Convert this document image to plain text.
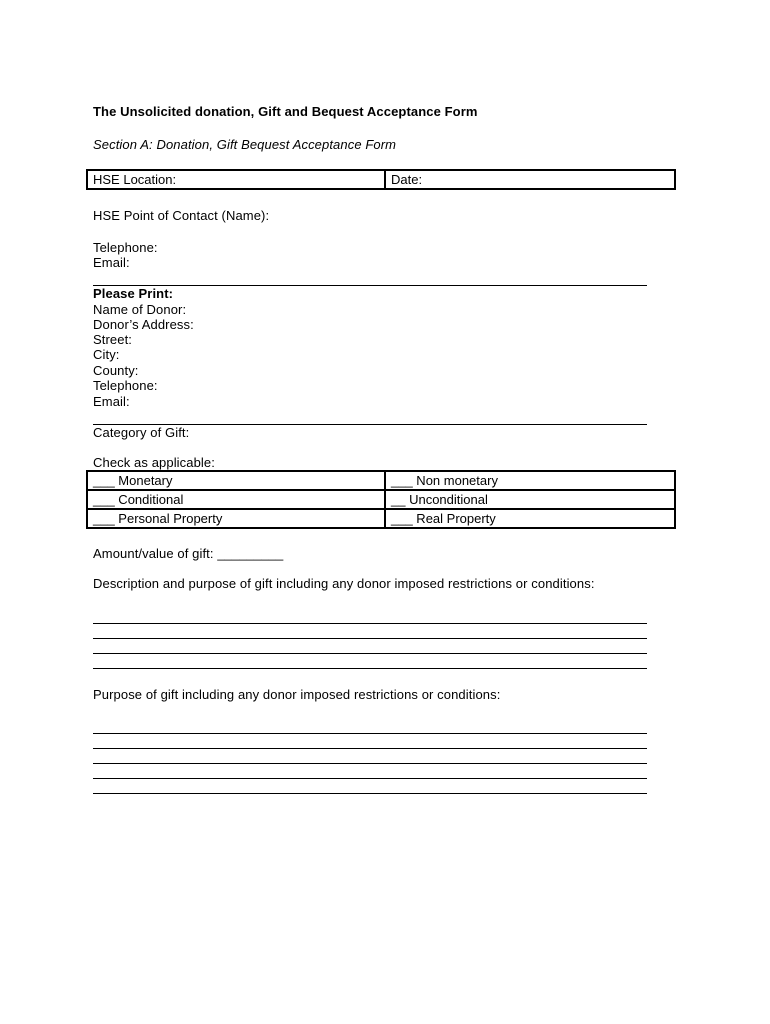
The Unsolicited donation, Gift and Bequest Acceptance Form
Section A: Donation, Gift Bequest Acceptance Form
HSE Location:	Date:
HSE Point of Contact (Name):
Telephone:
Email:
Please Print:
Name of Donor:
Donor’s Address:
Street:
City:
County:
Telephone:
Email:
Category of Gift:
Check as applicable:
___ Monetary	___ Non monetary
___ Conditional	__ Unconditional
___ Personal Property	___ Real Property
Amount/value of gift: _________
Description and purpose of gift including any donor imposed restrictions or conditions:
Purpose of gift including any donor imposed restrictions or conditions:
